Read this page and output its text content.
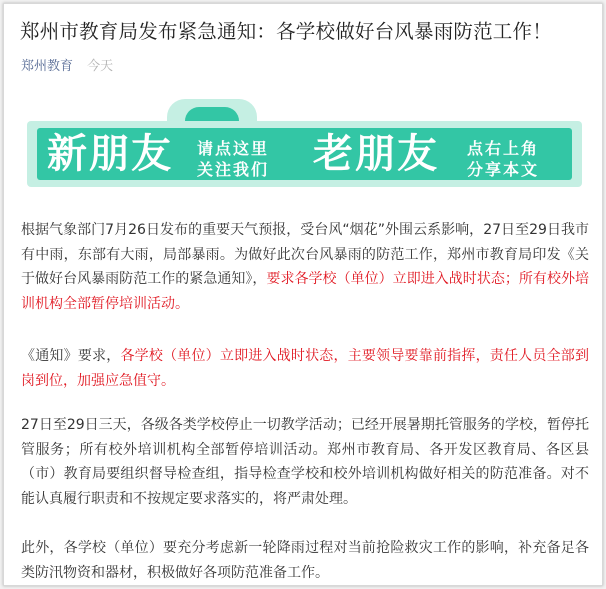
郑州市教育局发布紧急通知：各学校做好台风暴雨防范工作！
郑州教育 今天
新朋友 请点这里
关注我们 老朋友 点右上角
分享本文
根据气象部门7月26日发布的重要天气预报，受台风“烟花”外围云系影响，27日至29日我市有中雨，东部有大雨，局部暴雨。为做好此次台风暴雨的防范工作，郑州市教育局印发《关于做好台风暴雨防范工作的紧急通知》，要求各学校（单位）立即进入战时状态；所有校外培训机构全部暂停培训活动。
《通知》要求，各学校（单位）立即进入战时状态，主要领导要靠前指挥，责任人员全部到岗到位，加强应急值守。
27日至29日三天，各级各类学校停止一切教学活动；已经开展暑期托管服务的学校，暂停托管服务；所有校外培训机构全部暂停培训活动。郑州市教育局、各开发区教育局、各区县（市）教育局要组织督导检查组，指导检查学校和校外培训机构做好相关的防范准备。对不能认真履行职责和不按规定要求落实的，将严肃处理。
此外，各学校（单位）要充分考虑新一轮降雨过程对当前抢险救灾工作的影响，补充备足各类防汛物资和器材，积极做好各项防范准备工作。
